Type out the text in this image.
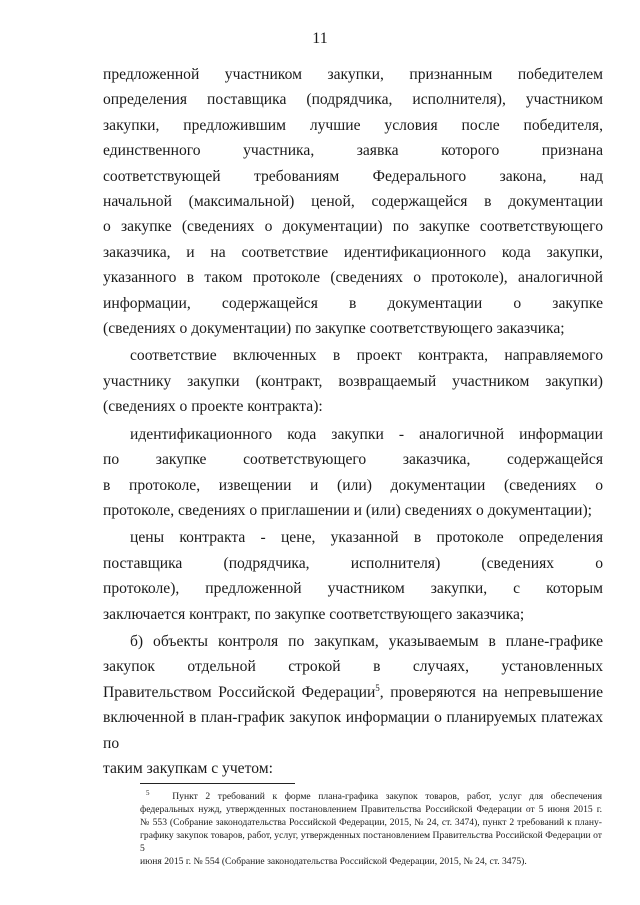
11
предложенной участником закупки, признанным победителем
определения поставщика (подрядчика, исполнителя), участником
закупки, предложившим лучшие условия после победителя,
единственного участника, заявка которого признана
соответствующей требованиям Федерального закона, над
начальной (максимальной) ценой, содержащейся в документации
о закупке (сведениях о документации) по закупке соответствующего
заказчика, и на соответствие идентификационного кода закупки,
указанного в таком протоколе (сведениях о протоколе), аналогичной
информации, содержащейся в документации о закупке
(сведениях о документации) по закупке соответствующего заказчика;
соответствие включенных в проект контракта, направляемого
участнику закупки (контракт, возвращаемый участником закупки)
(сведениях о проекте контракта):
идентификационного кода закупки - аналогичной информации
по закупке соответствующего заказчика, содержащейся
в протоколе, извещении и (или) документации (сведениях о
протоколе, сведениях о приглашении и (или) сведениях о документации);
цены контракта - цене, указанной в протоколе определения
поставщика (подрядчика, исполнителя) (сведениях о
протоколе), предложенной участником закупки, с которым
заключается контракт, по закупке соответствующего заказчика;
б) объекты контроля по закупкам, указываемым в плане-графике
закупок отдельной строкой в случаях, установленных
Правительством Российской Федерации$^5$, проверяются на непревышение
включенной в план-график закупок информации о планируемых платежах по
таким закупкам с учетом:
$^5$ Пункт 2 требований к форме плана-графика закупок товаров, работ, услуг для обеспечения
федеральных нужд, утвержденных постановлением Правительства Российской Федерации от 5 июня 2015 г.
№ 553 (Собрание законодательства Российской Федерации, 2015, № 24, ст. 3474), пункт 2 требований к плану-
графику закупок товаров, работ, услуг, утвержденных постановлением Правительства Российской Федерации от 5
июня 2015 г. № 554 (Собрание законодательства Российской Федерации, 2015, № 24, ст. 3475).
